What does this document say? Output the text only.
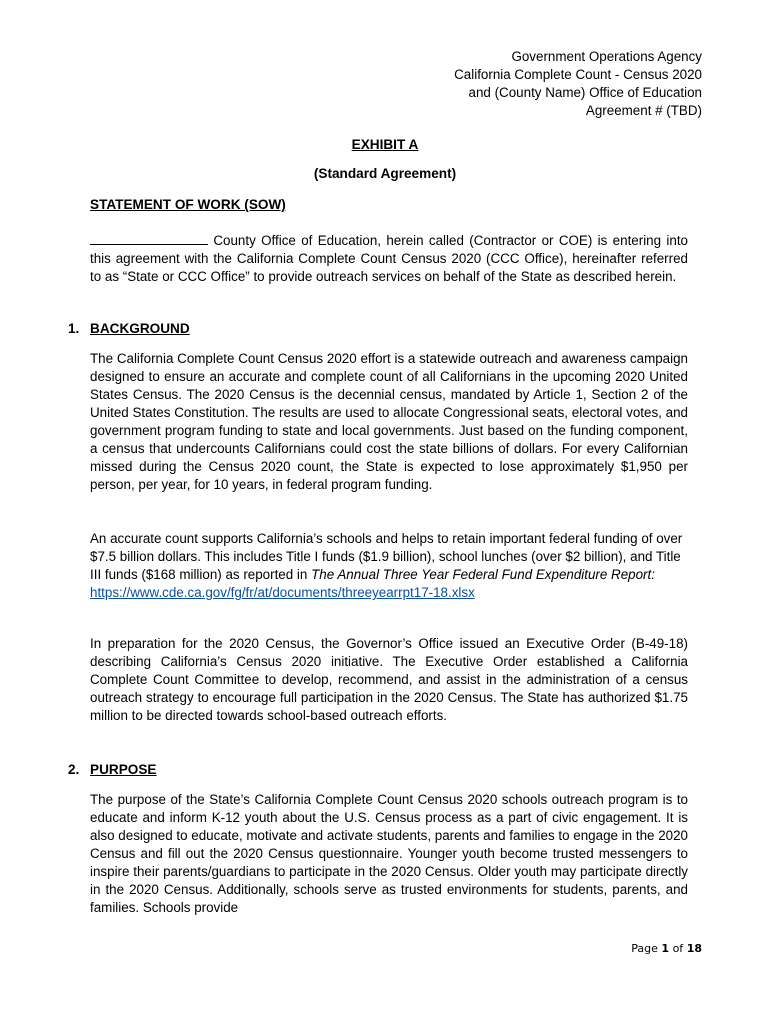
Government Operations Agency
California Complete Count - Census 2020
and (County Name) Office of Education
Agreement # (TBD)
EXHIBIT A
(Standard Agreement)
STATEMENT OF WORK (SOW)

County Office of Education, herein called (Contractor or COE) is entering into this agreement with the California Complete Count Census 2020 (CCC Office), hereinafter referred to as “State or CCC Office” to provide outreach services on behalf of the State as described herein.

1. BACKGROUND

The California Complete Count Census 2020 effort is a statewide outreach and awareness campaign designed to ensure an accurate and complete count of all Californians in the upcoming 2020 United States Census. The 2020 Census is the decennial census, mandated by Article 1, Section 2 of the United States Constitution. The results are used to allocate Congressional seats, electoral votes, and government program funding to state and local governments. Just based on the funding component, a census that undercounts Californians could cost the state billions of dollars. For every Californian missed during the Census 2020 count, the State is expected to lose approximately $1,950 per person, per year, for 10 years, in federal program funding.

An accurate count supports California’s schools and helps to retain important federal funding of over $7.5 billion dollars. This includes Title I funds ($1.9 billion), school lunches (over $2 billion), and Title III funds ($168 million) as reported in The Annual Three Year Federal Fund Expenditure Report:
https://www.cde.ca.gov/fg/fr/at/documents/threeyearrpt17-18.xlsx

In preparation for the 2020 Census, the Governor’s Office issued an Executive Order (B-49-18) describing California’s Census 2020 initiative. The Executive Order established a California Complete Count Committee to develop, recommend, and assist in the administration of a census outreach strategy to encourage full participation in the 2020 Census. The State has authorized $1.75 million to be directed towards school-based outreach efforts.

2. PURPOSE

The purpose of the State’s California Complete Count Census 2020 schools outreach program is to educate and inform K-12 youth about the U.S. Census process as a part of civic engagement. It is also designed to educate, motivate and activate students, parents and families to engage in the 2020 Census and fill out the 2020 Census questionnaire. Younger youth become trusted messengers to inspire their parents/guardians to participate in the 2020 Census. Older youth may participate directly in the 2020 Census. Additionally, schools serve as trusted environments for students, parents, and families. Schools provide

Page 1 of 18
